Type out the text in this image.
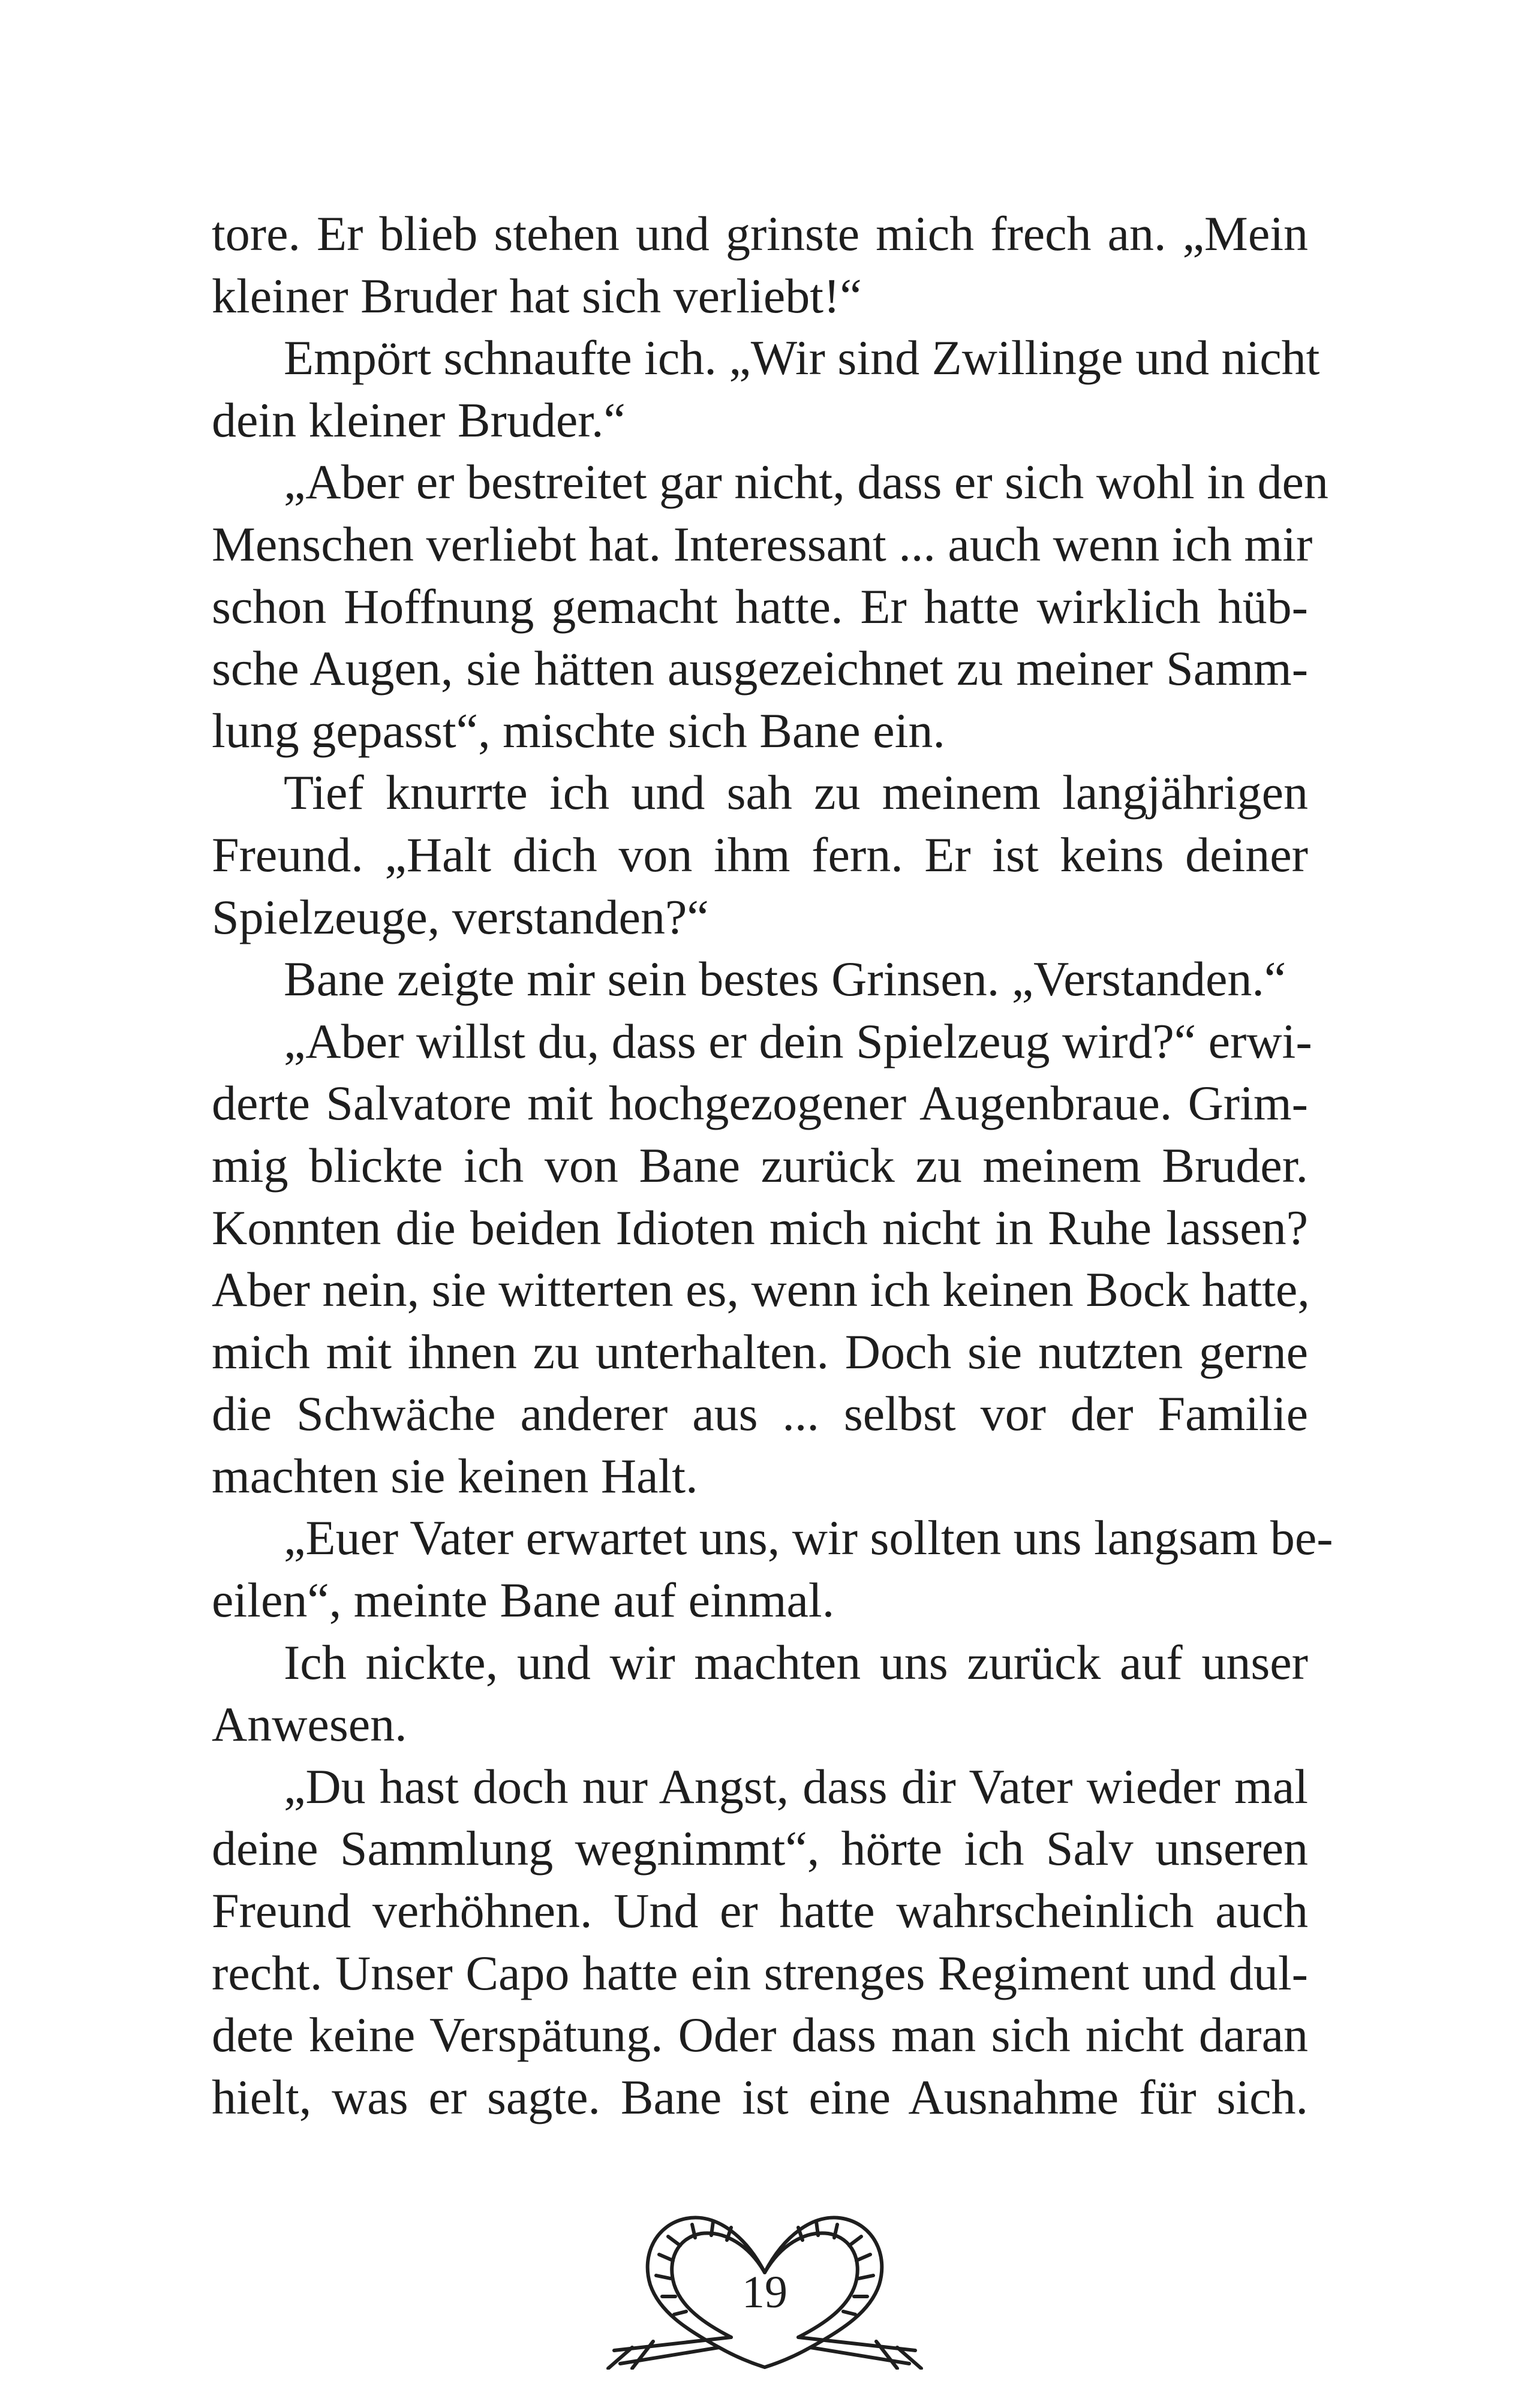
tore. Er blieb stehen und grinste mich frech an. „Mein
kleiner Bruder hat sich verliebt!“
Empört schnaufte ich. „Wir sind Zwillinge und nicht
dein kleiner Bruder.“
„Aber er bestreitet gar nicht, dass er sich wohl in den
Menschen verliebt hat. Interessant ... auch wenn ich mir
schon Hoffnung gemacht hatte. Er hatte wirklich hüb-
sche Augen, sie hätten ausgezeichnet zu meiner Samm-
lung gepasst“, mischte sich Bane ein.
Tief knurrte ich und sah zu meinem langjährigen
Freund. „Halt dich von ihm fern. Er ist keins deiner
Spielzeuge, verstanden?“
Bane zeigte mir sein bestes Grinsen. „Verstanden.“
„Aber willst du, dass er dein Spielzeug wird?“ erwi-
derte Salvatore mit hochgezogener Augenbraue. Grim-
mig blickte ich von Bane zurück zu meinem Bruder.
Konnten die beiden Idioten mich nicht in Ruhe lassen?
Aber nein, sie witterten es, wenn ich keinen Bock hatte,
mich mit ihnen zu unterhalten. Doch sie nutzten gerne
die Schwäche anderer aus ... selbst vor der Familie
machten sie keinen Halt.
„Euer Vater erwartet uns, wir sollten uns langsam be-
eilen“, meinte Bane auf einmal.
Ich nickte, und wir machten uns zurück auf unser
Anwesen.
„Du hast doch nur Angst, dass dir Vater wieder mal
deine Sammlung wegnimmt“, hörte ich Salv unseren
Freund verhöhnen. Und er hatte wahrscheinlich auch
recht. Unser Capo hatte ein strenges Regiment und dul-
dete keine Verspätung. Oder dass man sich nicht daran
hielt, was er sagte. Bane ist eine Ausnahme für sich.
19
